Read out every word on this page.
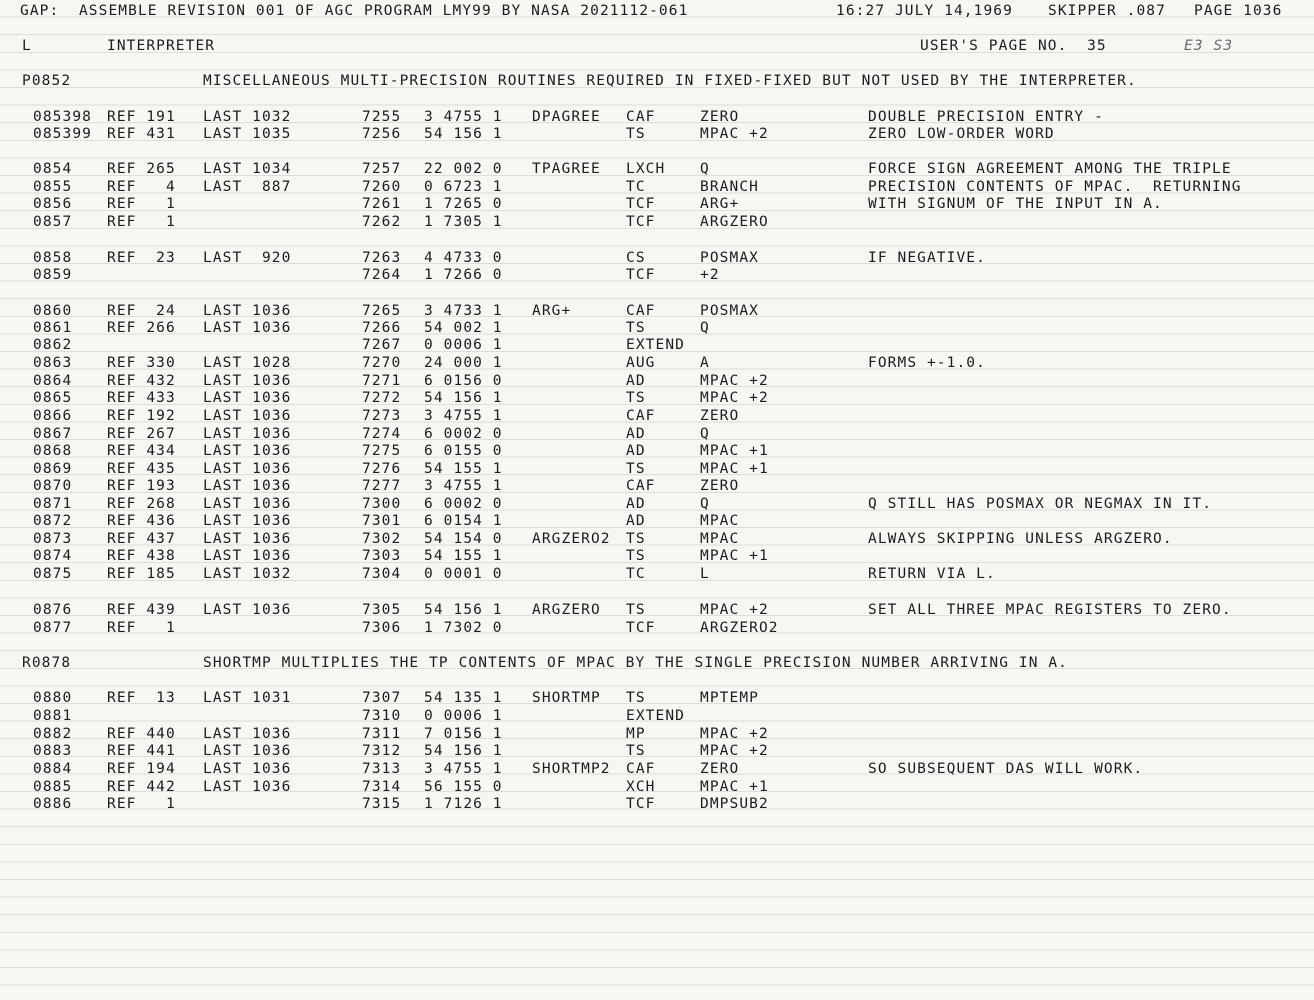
GAP:  ASSEMBLE REVISION 001 OF AGC PROGRAM LMY99 BY NASA 2021112-061

	16:27 JULY 14,1969

SKIPPER .087

PAGE 1036

L

	INTERPRETER

	USER'S PAGE NO.  35

	E3 S3

P0852	MISCELLANEOUS MULTI-PRECISION ROUTINES REQUIRED IN FIXED-FIXED BUT NOT USED BY THE INTERPRETER.
R0878	SHORTMP MULTIPLIES THE TP CONTENTS OF MPAC BY THE SINGLE PRECISION NUMBER ARRIVING IN A.
085398 REF 191 LAST 1032	7255 3 4755 1 DPAGREE CAF	ZERO	DOUBLE PRECISION ENTRY -
085399 REF 431 LAST 1035	7256 54 156 1	TS	MPAC +2	ZERO LOW-ORDER WORD
0854 REF 265 LAST 1034	7257 22 002 0 TPAGREE LXCH Q	FORCE SIGN AGREEMENT AMONG THE TRIPLE
0855 REF   4 LAST  887	7260 0 6723 1	TC	BRANCH	PRECISION CONTENTS OF MPAC.  RETURNING
0856 REF   1	7261 1 7265 0	TCF	ARG+	WITH SIGNUM OF THE INPUT IN A.
0857 REF   1	7262 1 7305 1	TCF	ARGZERO
0858 REF  23 LAST  920	7263 4 4733 0	CS	POSMAX	IF NEGATIVE.
0859	7264 1 7266 0	TCF	+2
0860 REF  24 LAST 1036	7265 3 4733 1 ARG+	CAF	POSMAX
0861 REF 266 LAST 1036	7266 54 002 1	TS	Q
0862	7267 0 0006 1	EXTEND
0863 REF 330 LAST 1028	7270 24 000 1	AUG	A	FORMS +-1.0.
0864 REF 432 LAST 1036	7271 6 0156 0	AD	MPAC +2
0865 REF 433 LAST 1036	7272 54 156 1	TS	MPAC +2
0866 REF 192 LAST 1036	7273 3 4755 1	CAF	ZERO
0867 REF 267 LAST 1036	7274 6 0002 0	AD	Q
0868 REF 434 LAST 1036	7275 6 0155 0	AD	MPAC +1
0869 REF 435 LAST 1036	7276 54 155 1	TS	MPAC +1
0870 REF 193 LAST 1036	7277 3 4755 1	CAF	ZERO
0871 REF 268 LAST 1036	7300 6 0002 0	AD	Q	Q STILL HAS POSMAX OR NEGMAX IN IT.
0872 REF 436 LAST 1036	7301 6 0154 1	AD	MPAC
0873 REF 437 LAST 1036	7302 54 154 0 ARGZERO2 TS	MPAC	ALWAYS SKIPPING UNLESS ARGZERO.
0874 REF 438 LAST 1036	7303 54 155 1	TS	MPAC +1
0875 REF 185 LAST 1032	7304 0 0001 0	TC	L	RETURN VIA L.
0876 REF 439 LAST 1036	7305 54 156 1 ARGZERO TS	MPAC +2	SET ALL THREE MPAC REGISTERS TO ZERO.
0877 REF   1	7306 1 7302 0	TCF	ARGZERO2
0880 REF  13 LAST 1031	7307 54 135 1 SHORTMP TS	MPTEMP
0881	7310 0 0006 1	EXTEND
0882 REF 440 LAST 1036	7311 7 0156 1	MP	MPAC +2
0883 REF 441 LAST 1036	7312 54 156 1	TS	MPAC +2
0884 REF 194 LAST 1036	7313 3 4755 1 SHORTMP2 CAF	ZERO	SO SUBSEQUENT DAS WILL WORK.
0885 REF 442 LAST 1036	7314 56 155 0	XCH	MPAC +1
0886 REF   1	7315 1 7126 1	TCF	DMPSUB2
